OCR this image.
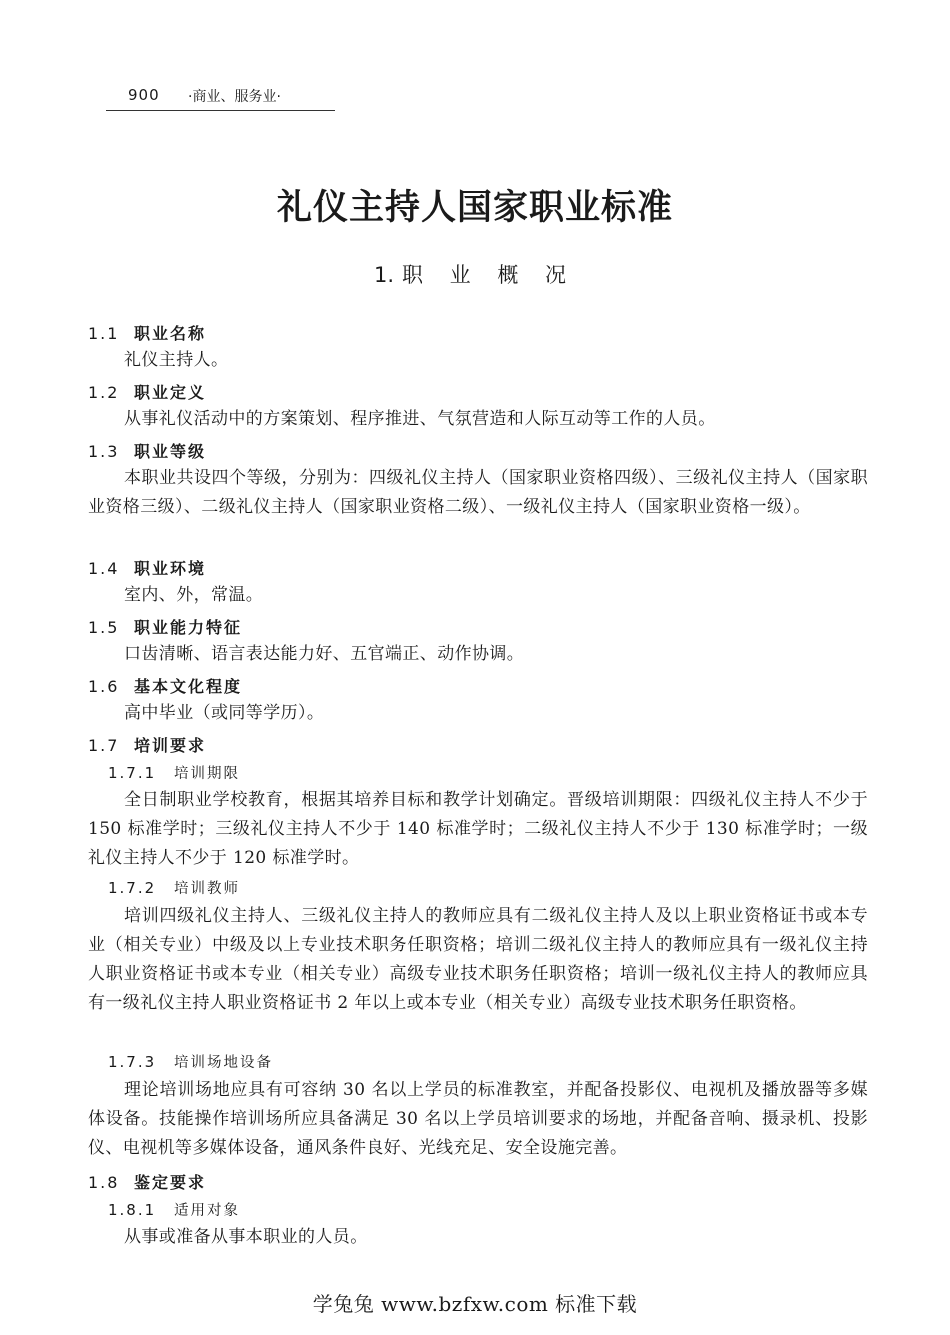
900 ·商业、服务业·
礼仪主持人国家职业标准
1. 职 业 概 况
1.1 职业名称
礼仪主持人。
1.2 职业定义
从事礼仪活动中的方案策划、程序推进、气氛营造和人际互动等工作的人员。
1.3 职业等级
本职业共设四个等级，分别为：四级礼仪主持人（国家职业资格四级）、三级礼仪主持人（国家职业资格三级）、二级礼仪主持人（国家职业资格二级）、一级礼仪主持人（国家职业资格一级）。
1.4 职业环境
室内、外，常温。
1.5 职业能力特征
口齿清晰、语言表达能力好、五官端正、动作协调。
1.6 基本文化程度
高中毕业（或同等学历）。
1.7 培训要求
1.7.1 培训期限
全日制职业学校教育，根据其培养目标和教学计划确定。晋级培训期限：四级礼仪主持人不少于 150 标准学时；三级礼仪主持人不少于 140 标准学时；二级礼仪主持人不少于 130 标准学时；一级礼仪主持人不少于 120 标准学时。
1.7.2 培训教师
培训四级礼仪主持人、三级礼仪主持人的教师应具有二级礼仪主持人及以上职业资格证书或本专业（相关专业）中级及以上专业技术职务任职资格；培训二级礼仪主持人的教师应具有一级礼仪主持人职业资格证书或本专业（相关专业）高级专业技术职务任职资格；培训一级礼仪主持人的教师应具有一级礼仪主持人职业资格证书 2 年以上或本专业（相关专业）高级专业技术职务任职资格。
1.7.3 培训场地设备
理论培训场地应具有可容纳 30 名以上学员的标准教室，并配备投影仪、电视机及播放器等多媒体设备。技能操作培训场所应具备满足 30 名以上学员培训要求的场地，并配备音响、摄录机、投影仪、电视机等多媒体设备，通风条件良好、光线充足、安全设施完善。
1.8 鉴定要求
1.8.1 适用对象
从事或准备从事本职业的人员。
学兔兔 www.bzfxw.com 标准下载
